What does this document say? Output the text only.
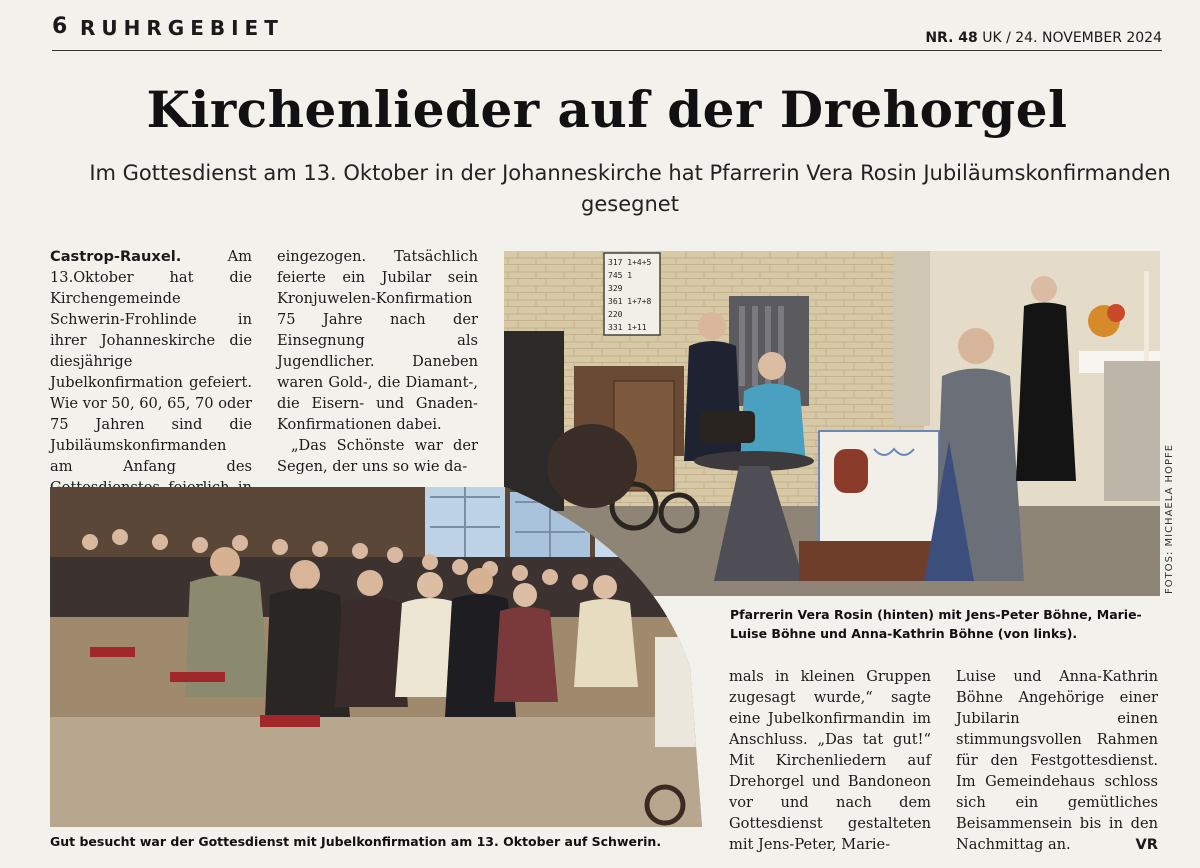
6 RUHRGEBIET	NR. 48 UK / 24. NOVEMBER 2024
Kirchenlieder auf der Drehorgel
Im Gottesdienst am 13. Oktober in der Johanneskirche hat Pfarrerin Vera Rosin Jubiläumskonfirmanden gesegnet

Castrop-Rauxel.	Am 13.Oktober hat die Kirchengemeinde Schwerin-Frohlinde in ihrer Johanneskirche die diesjährige Jubelkonfirmation gefeiert. Wie vor 50, 60, 65, 70 oder 75 Jahren sind die Jubiläumskonfirmanden am Anfang des

eingezogen. Tatsächlich feierte ein Jubilar sein Kronjuwelen-Konfirmation 75 Jahre nach der Einsegnung als Jugendlicher. Daneben waren Gold-, die Diamant-, die Eisern- und Gnaden- Konfirmationen dabei.

„Das Schönste war der Segen, der uns so wie da-

317 1+4+5
745 1
329
361 1+7+8
220
331 1+11
FOTOS: MICHAELA HOPFE
Pfarrerin Vera Rosin (hinten) mit Jens-Peter Böhne, Marie-Luise Böhne und Anna-Kathrin Böhne (von links).
Gut besucht war der Gottesdienst mit Jubelkonfirmation am 13. Oktober auf Schwerin.

mals in kleinen Gruppen zugesagt wurde,“ sagte eine Jubelkonfirmandin im Anschluss. „Das tat gut!“ Mit Kirchenliedern auf Drehorgel und Bandoneon vor und nach dem Gottesdienst gestalteten mit Jens-Peter, Marie-

Luise und Anna-Kathrin Böhne Angehörige einer Jubilarin einen stimmungsvollen Rahmen für den Festgottesdienst. Im Gemeindehaus schloss sich ein gemütliches Beisammensein bis in den Nachmittag an.	VR
